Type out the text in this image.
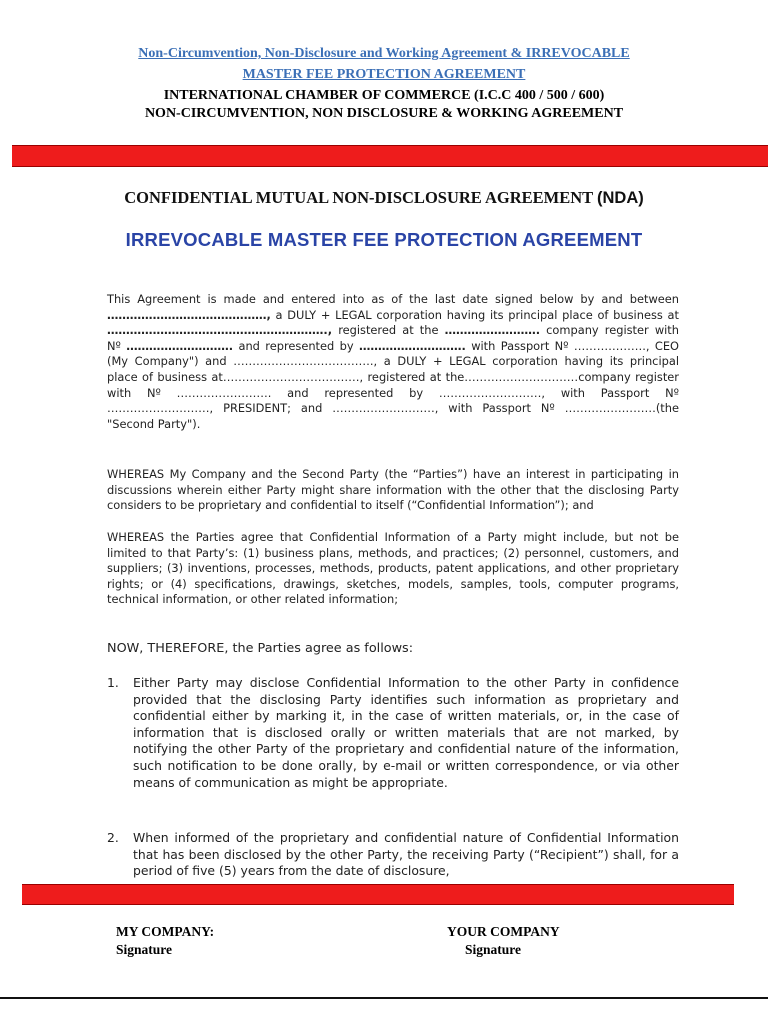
Non-Circumvention, Non-Disclosure and Working Agreement & IRREVOCABLE
MASTER FEE PROTECTION AGREEMENT
INTERNATIONAL CHAMBER OF COMMERCE (I.C.C 400 / 500 / 600)
NON-CIRCUMVENTION, NON DISCLOSURE & WORKING AGREEMENT
CONFIDENTIAL MUTUAL NON-DISCLOSURE AGREEMENT (NDA)
IRREVOCABLE MASTER FEE PROTECTION AGREEMENT

This Agreement is made and entered into as of the last date signed below by and between ……………………………………, a DULY + LEGAL corporation having its principal place of business at …………………………………………………., registered at the ……………………. company register with Nº ………………………. and represented by ………………………. with Passport Nº ………………., CEO (My Company") and ………………………………., a DULY + LEGAL corporation having its principal place of business at………………………………, registered at the…………………………company register with Nº ……………………. and represented by ………………………, with Passport Nº ………………………, PRESIDENT; and ………………………, with Passport Nº ……………………(the "Second Party").

WHEREAS My Company and the Second Party (the “Parties”) have an interest in participating in discussions wherein either Party might share information with the other that the disclosing Party considers to be proprietary and confidential to itself (“Confidential Information”); and

WHEREAS the Parties agree that Confidential Information of a Party might include, but not be limited to that Party’s: (1) business plans, methods, and practices; (2) personnel, customers, and suppliers; (3) inventions, processes, methods, products, patent applications, and other proprietary rights; or (4) specifications, drawings, sketches, models, samples, tools, computer programs, technical information, or other related information;

NOW, THEREFORE, the Parties agree as follows:
1. Either Party may disclose Confidential Information to the other Party in confidence provided that the disclosing Party identifies such information as proprietary and confidential either by marking it, in the case of written materials, or, in the case of information that is disclosed orally or written materials that are not marked, by notifying the other Party of the proprietary and confidential nature of the information, such notification to be done orally, by e-mail or written correspondence, or via other means of communication as might be appropriate.
2. When informed of the proprietary and confidential nature of Confidential Information that has been disclosed by the other Party, the receiving Party (“Recipient”) shall, for a period of five (5) years from the date of disclosure,
MY COMPANY:
Signature
YOUR COMPANY
Signature
